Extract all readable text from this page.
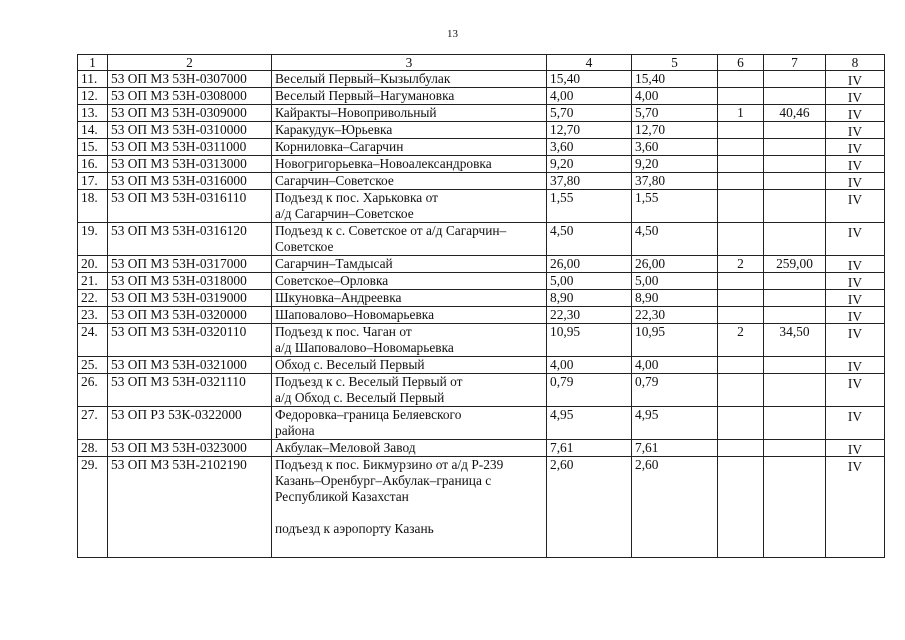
13
1	2	3	4	5	6	7	8
11.	53 ОП МЗ 53Н-0307000	Веселый Первый–Кызылбулак	15,40	15,40			IV
12.	53 ОП МЗ 53Н-0308000	Веселый Первый–Нагумановка	4,00	4,00			IV
13.	53 ОП МЗ 53Н-0309000	Кайракты–Новопривольный	5,70	5,70	1	40,46	IV
14.	53 ОП МЗ 53Н-0310000	Каракудук–Юрьевка	12,70	12,70			IV
15.	53 ОП МЗ 53Н-0311000	Корниловка–Сагарчин	3,60	3,60			IV
16.	53 ОП МЗ 53Н-0313000	Новогригорьевка–Новоалександровка	9,20	9,20			IV
17.	53 ОП МЗ 53Н-0316000	Сагарчин–Советское	37,80	37,80			IV
18.	53 ОП МЗ 53Н-0316110	Подъезд к пос. Харьковка от
а/д Сагарчин–Советское	1,55	1,55			IV
19.	53 ОП МЗ 53Н-0316120	Подъезд к с. Советское от а/д Сагарчин–
Советское	4,50	4,50			IV
20.	53 ОП МЗ 53Н-0317000	Сагарчин–Тамдысай	26,00	26,00	2	259,00	IV
21.	53 ОП МЗ 53Н-0318000	Советское–Орловка	5,00	5,00			IV
22.	53 ОП МЗ 53Н-0319000	Шкуновка–Андреевка	8,90	8,90			IV
23.	53 ОП МЗ 53Н-0320000	Шаповалово–Новомарьевка	22,30	22,30			IV
24.	53 ОП МЗ 53Н-0320110	Подъезд к пос. Чаган от
а/д Шаповалово–Новомарьевка	10,95	10,95	2	34,50	IV
25.	53 ОП МЗ 53Н-0321000	Обход с. Веселый Первый	4,00	4,00			IV
26.	53 ОП МЗ 53Н-0321110	Подъезд к с. Веселый Первый от
а/д Обход с. Веселый Первый	0,79	0,79			IV
27.	53 ОП РЗ 53К-0322000	Федоровка–граница Беляевского
района	4,95	4,95			IV
28.	53 ОП МЗ 53Н-0323000	Акбулак–Меловой Завод	7,61	7,61			IV
29.	53 ОП МЗ 53Н-2102190	Подъезд к пос. Бикмурзино от а/д Р-239
Казань–Оренбург–Акбулак–граница с
Республикой Казахстан
подъезд к аэропорту Казань	2,60	2,60			IV
